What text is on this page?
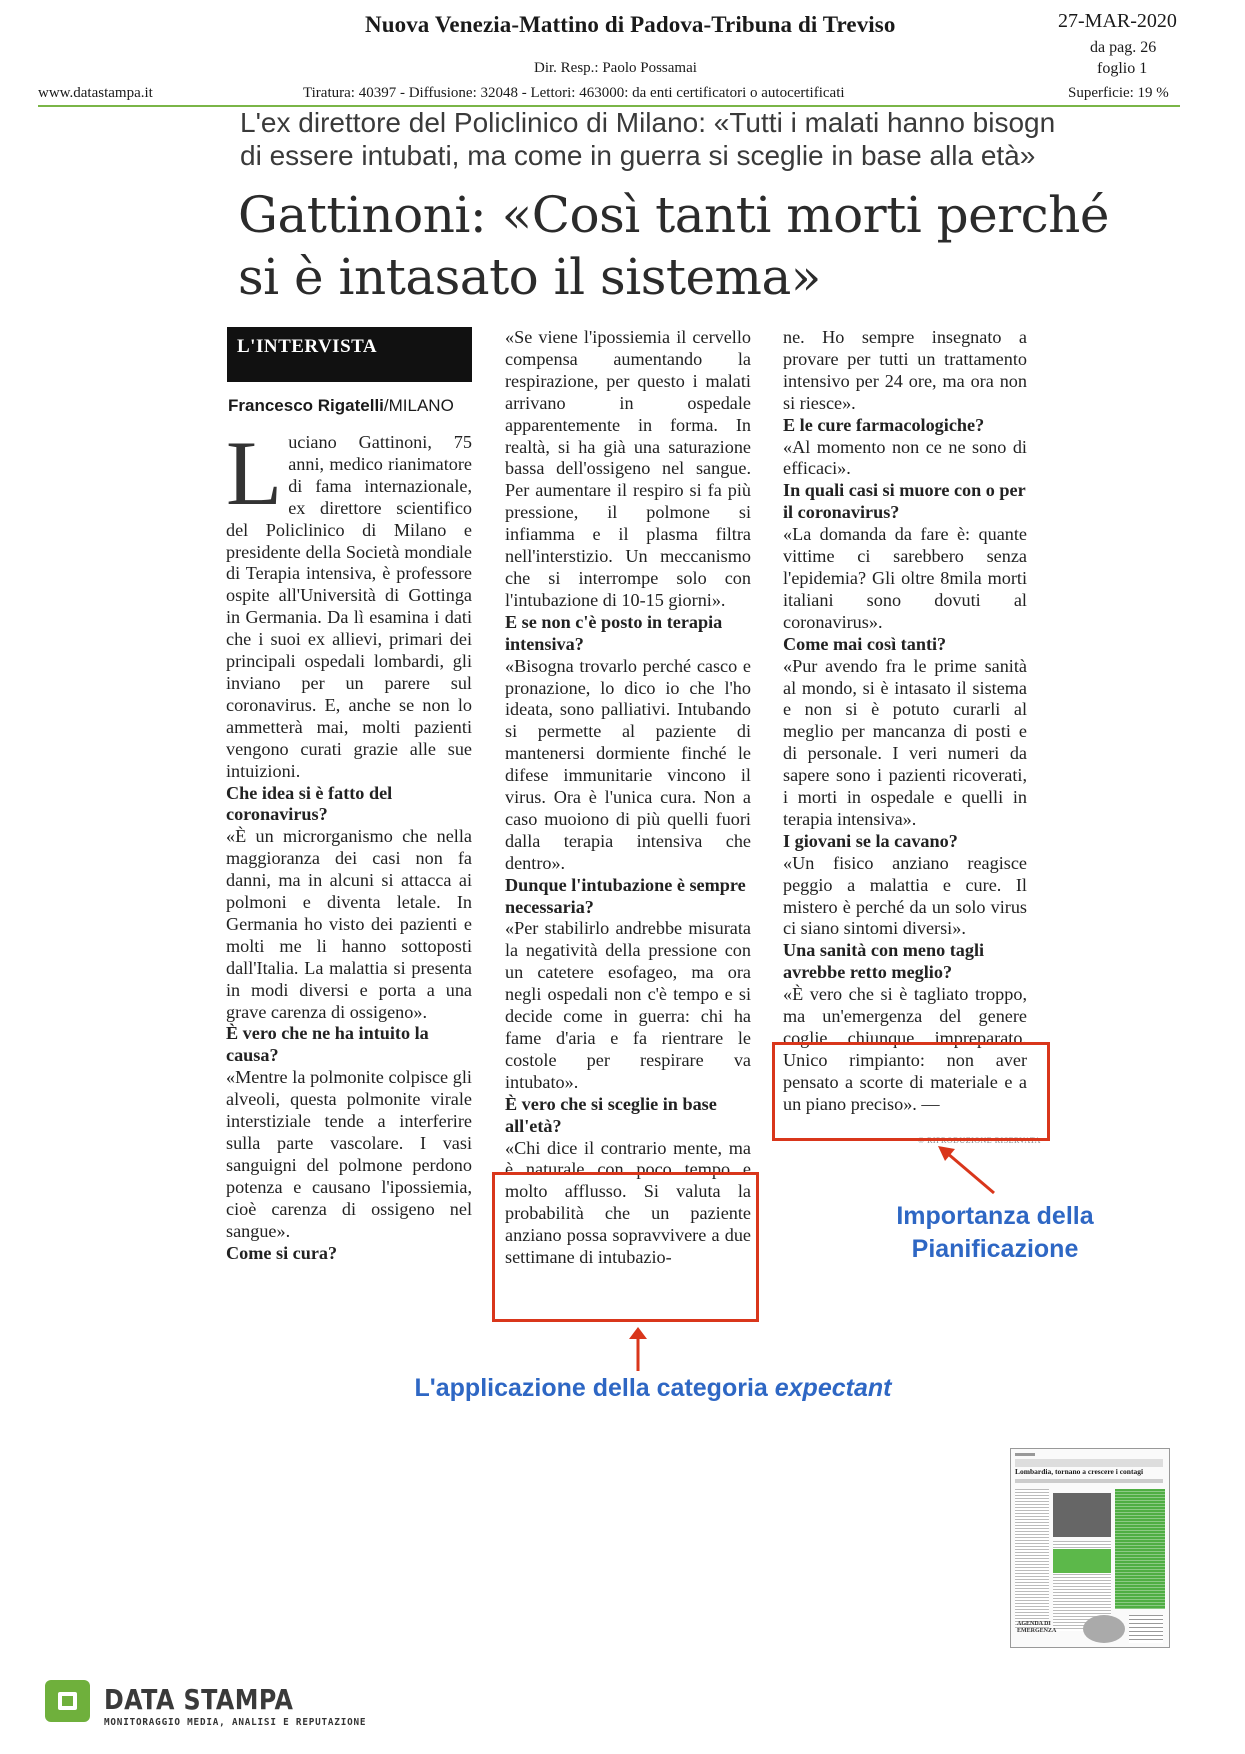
Nuova Venezia-Mattino di Padova-Tribuna di Treviso	27-MAR-2020
da pag. 26
foglio 1
Dir. Resp.: Paolo Possamai
www.datastampa.it	Tiratura: 40397 - Diffusione: 32048 - Lettori: 463000: da enti certificatori o autocertificati	Superficie: 19 %
L'ex direttore del Policlinico di Milano: «Tutti i malati hanno bisogn di essere intubati, ma come in guerra si sceglie in base alla età»
Gattinoni: «Così tanti morti perché si è intasato il sistema»
L'INTERVISTA
Francesco Rigatelli/MILANO

Luciano Gattinoni, 75 anni, medico rianimatore di fama internazionale, ex direttore scientifico del Policlinico di Milano e presidente della Società mondiale di Terapia intensiva, è professore ospite all'Università di Gottinga in Germania. Da lì esamina i dati che i suoi ex allievi, primari dei principali ospedali lombardi, gli inviano per un parere sul coronavirus. E, anche se non lo ammetterà mai, molti pazienti vengono curati grazie alle sue intuizioni.

Che idea si è fatto del coronavirus?

«È un microrganismo che nella maggioranza dei casi non fa danni, ma in alcuni si attacca ai polmoni e diventa letale. In Germania ho visto dei pazienti e molti me li hanno sottoposti dall'Italia. La malattia si presenta in modi diversi e porta a una grave carenza di ossigeno».

È vero che ne ha intuito la causa?

«Mentre la polmonite colpisce gli alveoli, questa polmonite virale interstiziale tende a interferire sulla parte vascolare. I vasi sanguigni del polmone perdono potenza e causano l'ipossiemia, cioè carenza di ossigeno nel sangue».

Come si cura?

«Se viene l'ipossiemia il cervello compensa aumentando la respirazione, per questo i malati arrivano in ospedale apparentemente in forma. In realtà, si ha già una saturazione bassa dell'ossigeno nel sangue. Per aumentare il respiro si fa più pressione, il polmone si infiamma e il plasma filtra nell'interstizio. Un meccanismo che si interrompe solo con l'intubazione di 10-15 giorni».

E se non c'è posto in terapia intensiva?

«Bisogna trovarlo perché casco e pronazione, lo dico io che l'ho ideata, sono palliativi. Intubando si permette al paziente di mantenersi dormiente finché le difese immunitarie vincono il virus. Ora è l'unica cura. Non a caso muoiono di più quelli fuori dalla terapia intensiva che dentro».

Dunque l'intubazione è sempre necessaria?

«Per stabilirlo andrebbe misurata la negatività della pressione con un catetere esofageo, ma ora negli ospedali non c'è tempo e si decide come in guerra: chi ha fame d'aria e fa rientrare le costole per respirare va intubato».

È vero che si sceglie in base all'età?

«Chi dice il contrario mente, ma è naturale con poco tempo e molto afflusso. Si valuta la probabilità che un paziente anziano possa sopravvivere a due settimane di intubazio-

ne. Ho sempre insegnato a provare per tutti un trattamento intensivo per 24 ore, ma ora non si riesce».

E le cure farmacologiche?

«Al momento non ce ne sono di efficaci».

In quali casi si muore con o per il coronavirus?

«La domanda da fare è: quante vittime ci sarebbero senza l'epidemia? Gli oltre 8mila morti italiani sono dovuti al coronavirus».

Come mai così tanti?

«Pur avendo fra le prime sanità al mondo, si è intasato il sistema e non si è potuto curarli al meglio per mancanza di posti e di personale. I veri numeri da sapere sono i pazienti ricoverati, i morti in ospedale e quelli in terapia intensiva».

I giovani se la cavano?

«Un fisico anziano reagisce peggio a malattia e cure. Il mistero è perché da un solo virus ci siano sintomi diversi».

Una sanità con meno tagli avrebbe retto meglio?

«È vero che si è tagliato troppo, ma un'emergenza del genere coglie chiunque impreparato. Unico rimpianto: non aver pensato a scorte di materiale e a un piano preciso». —

© RIPRODUZIONE RISERVATA
L'applicazione della categoria expectant
Importanza della Pianificazione
Lombardia, tornano a crescere i contagi
AGENDA DI EMERGENZA
DATA STAMPA
MONITORAGGIO MEDIA, ANALISI E REPUTAZIONE
